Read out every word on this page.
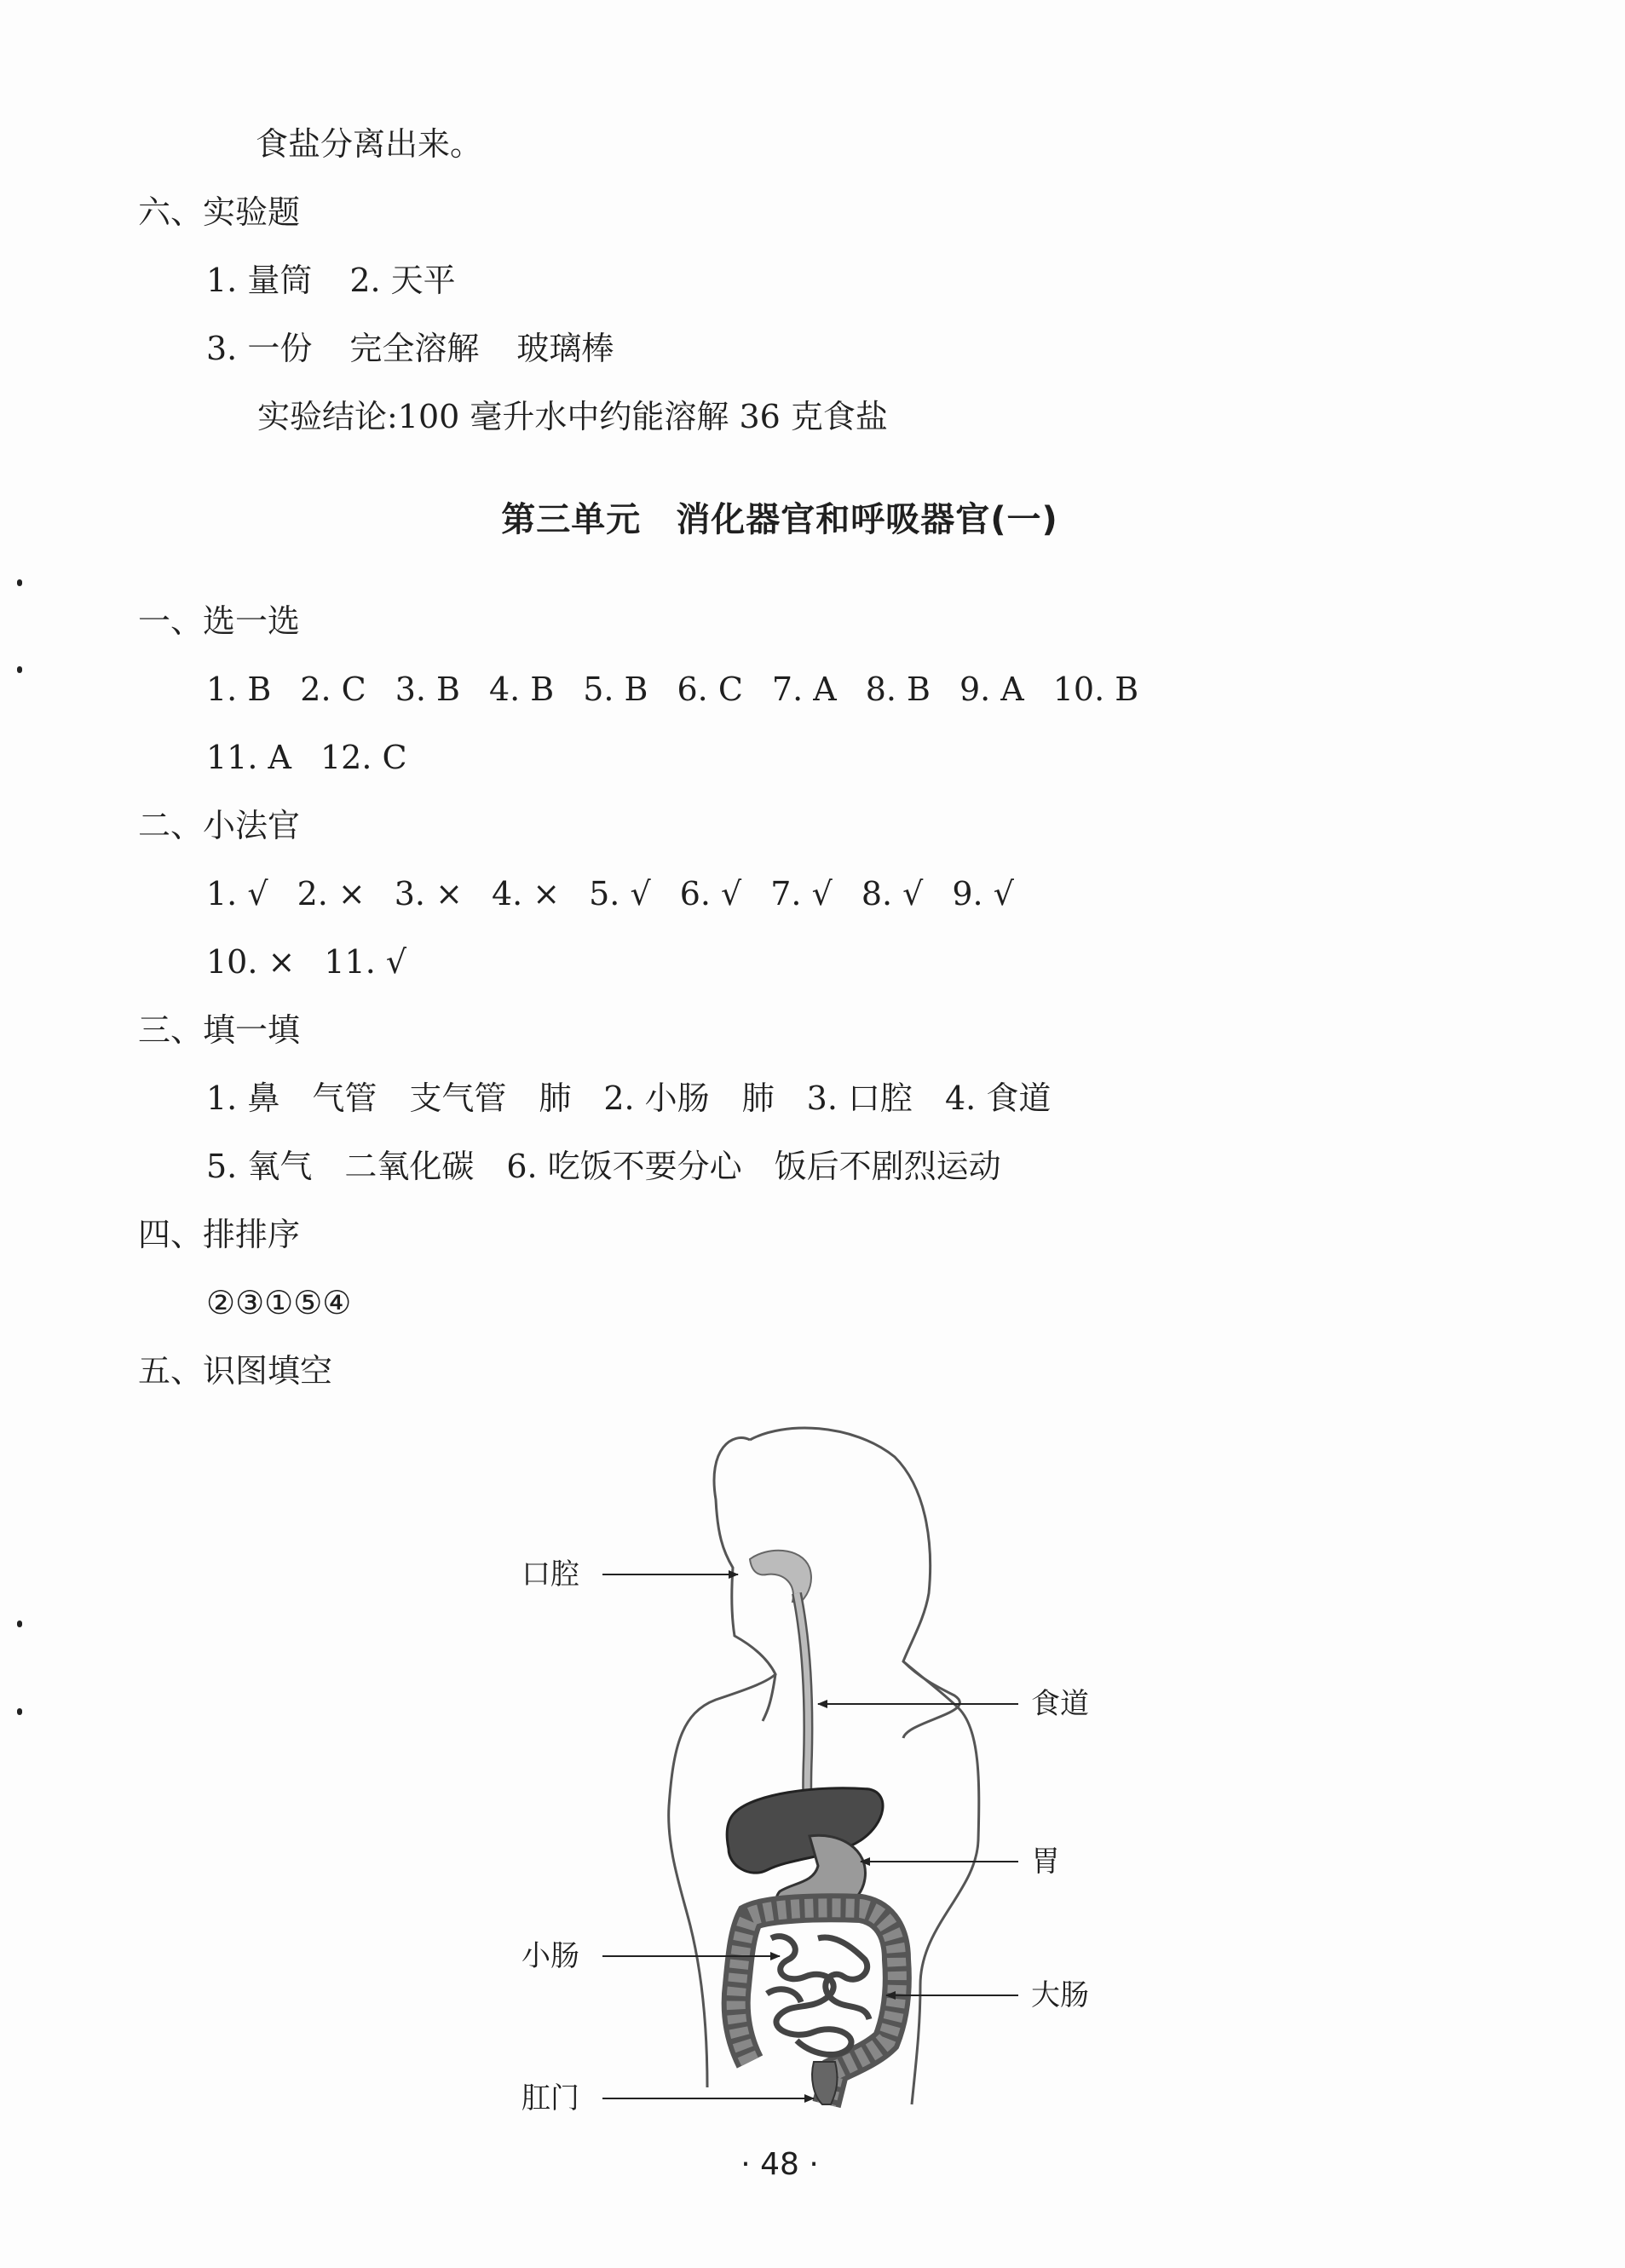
食盐分离出来。
六、实验题
1. 量筒 2. 天平
3. 一份 完全溶解 玻璃棒
实验结论:100 毫升水中约能溶解 36 克食盐
第三单元　消化器官和呼吸器官(一)
一、选一选
1. B 2. C 3. B 4. B 5. B 6. C 7. A 8. B 9. A 10. B
11. A 12. C
二、小法官
1. √ 2. × 3. × 4. × 5. √ 6. √ 7. √ 8. √ 9. √
10. × 11. √
三、填一填
1. 鼻　气管　支气管　肺　2. 小肠　肺　3. 口腔　4. 食道
5. 氧气　二氧化碳　6. 吃饭不要分心　饭后不剧烈运动
四、排排序
②③①⑤④
五、识图填空
口腔
食道
胃
小肠
大肠
肛门
· 48 ·
